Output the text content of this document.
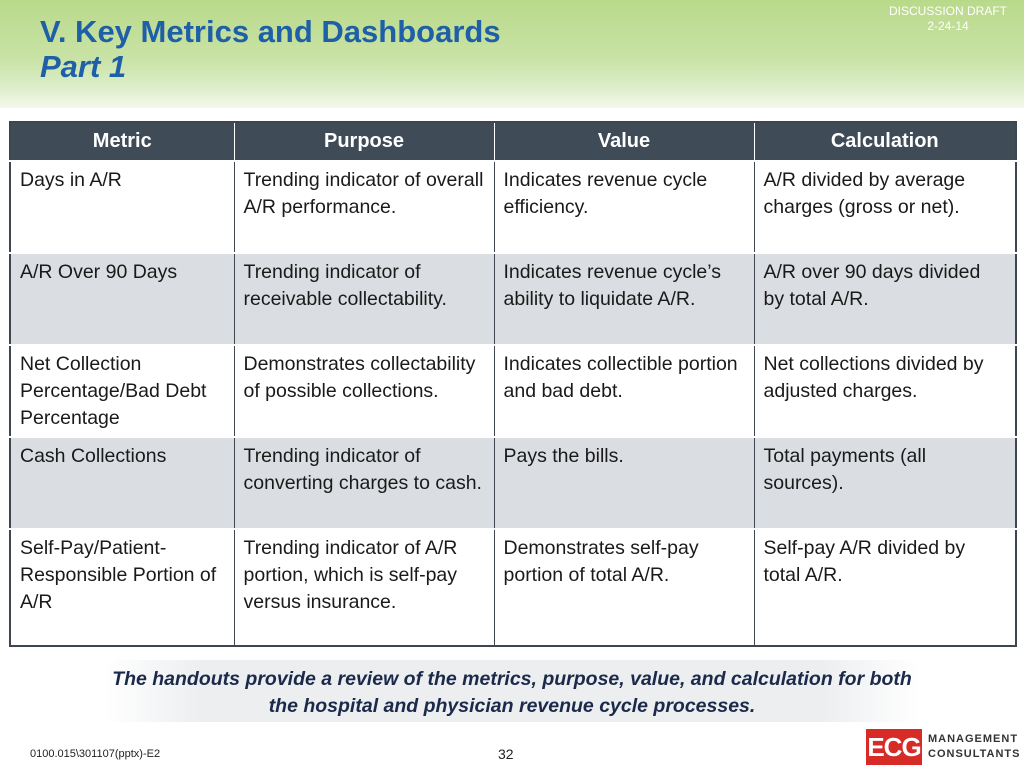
V. Key Metrics and Dashboards
Part 1
DISCUSSION DRAFT
2-24-14
Metric	Purpose	Value	Calculation
Days in A/R	Trending indicator of overall A/R performance.	Indicates revenue cycle efficiency.	A/R divided by average charges (gross or net).
A/R Over 90 Days	Trending indicator of receivable collectability.	Indicates revenue cycle’s ability to liquidate A/R.	A/R over 90 days divided by total A/R.
Net Collection Percentage/Bad Debt Percentage	Demonstrates collectability of possible collections.	Indicates collectible portion and bad debt.	Net collections divided by adjusted charges.
Cash Collections	Trending indicator of converting charges to cash.	Pays the bills.	Total payments (all sources).
Self-Pay/Patient-Responsible Portion of A/R	Trending indicator of A/R portion, which is self-pay versus insurance.	Demonstrates self-pay portion of total A/R.	Self-pay A/R divided by total A/R.
The handouts provide a review of the metrics, purpose, value, and calculation for both the hospital and physician revenue cycle processes.
0100.015\301107(pptx)-E2	32	ECG MANAGEMENT
CONSULTANTS
